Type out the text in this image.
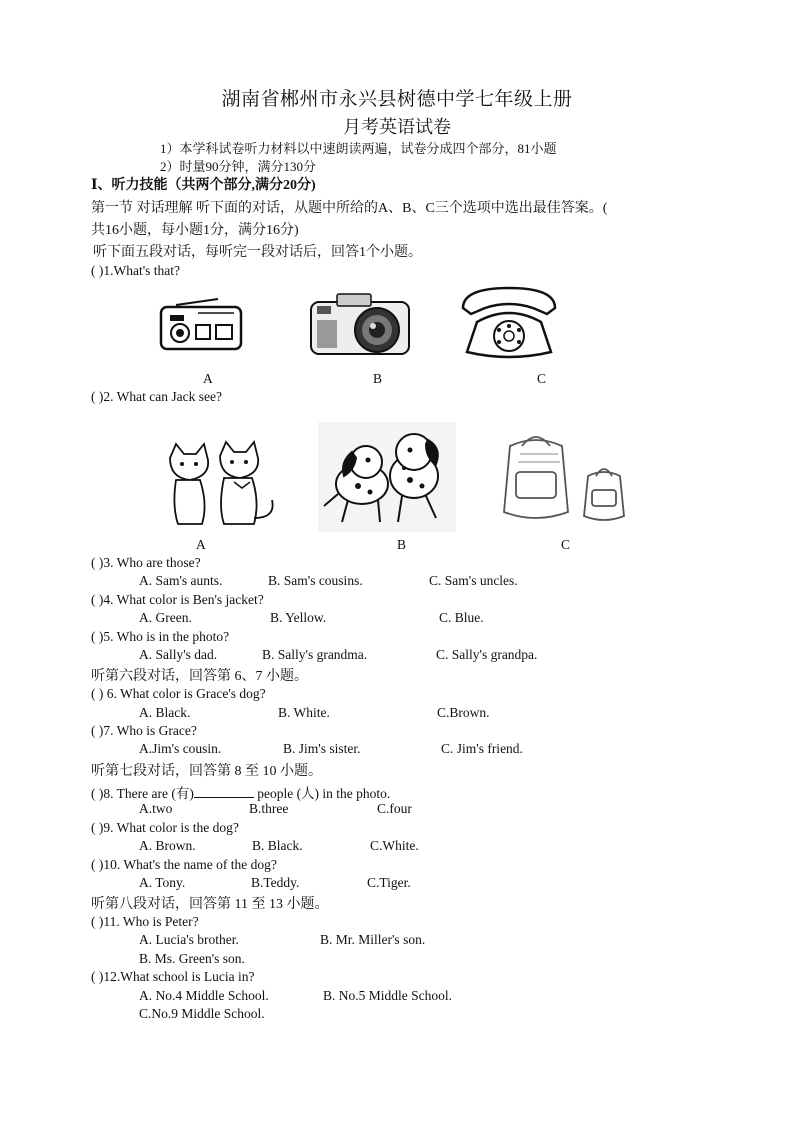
湖南省郴州市永兴县树德中学七年级上册
月考英语试卷
1）本学科试卷听力材料以中速朗读两遍，试卷分成四个部分，81小题
2）时量90分钟，满分130分
Ⅰ、听力技能（共两个部分,满分20分)
第一节 对话理解 听下面的对话，从题中所给的A、B、C三个选项中选出最佳答案。(
共16小题，每小题1分，满分16分)
听下面五段对话，每听完一段对话后，回答1个小题。
( )1.What's that?
A	B	C
( )2. What can Jack see?
A	B	C
( )3. Who are those?
A. Sam's aunts.	B. Sam's cousins.	C. Sam's uncles.
( )4. What color is Ben's jacket?
A. Green.	B. Yellow.	C. Blue.
( )5. Who is in the photo?
A. Sally's dad.	B. Sally's grandma.	C. Sally's grandpa.
听第六段对话，回答第 6、7 小题。
( ) 6. What color is Grace's dog?
A. Black.	B. White.	C.Brown.
( )7. Who is Grace?
A.Jim's cousin.	B. Jim's sister.	C. Jim's friend.
听第七段对话，回答第 8 至 10 小题。
( )8. There are (有)	people (人) in the photo.
A.two	B.three	C.four
( )9. What color is the dog?
A. Brown.	B. Black.	C.White.
( )10. What's the name of the dog?
A. Tony.	B.Teddy.	C.Tiger.
听第八段对话，回答第 11 至 13 小题。
( )11. Who is Peter?
A. Lucia's brother.	B. Mr. Miller's son.
B. Ms. Green's son.
( )12.What school is Lucia in?
A. No.4 Middle School.	B. No.5 Middle School.
C.No.9 Middle School.
